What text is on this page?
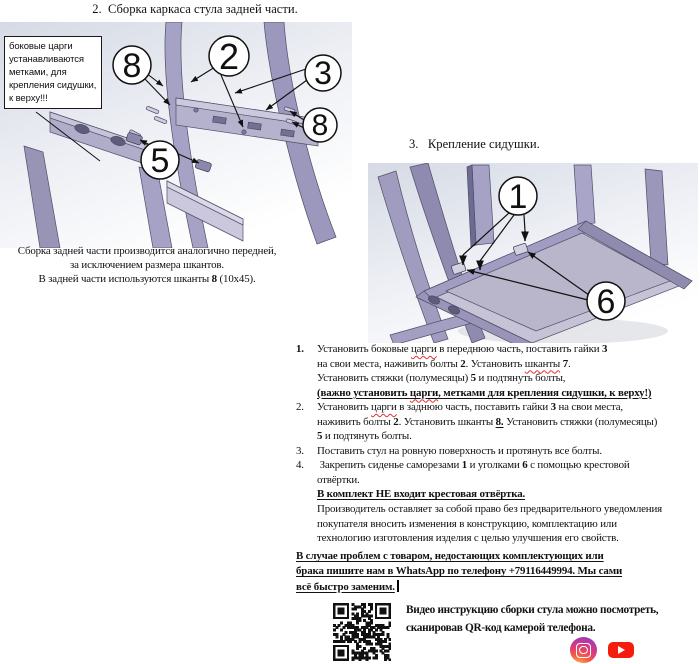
2.  Сборка каркаса стула задней части.
8 2 3
8
5
боковые царги устанавливаются метками, для крепления сидушки, к верху!!!
Сборка задней части производится аналогично передней,
за исключением размера шкантов.
В задней части используются шканты 8 (10x45).
3.   Крепление сидушки.
1
6
1.	Установить боковые царги в переднюю часть, поставить гайки 3
на свои места, наживить болты 2. Установить шканты 7.
Установить стяжки (полумесяцы) 5 и подтянуть болты,
(важно установить царги, метками для крепления сидушки, к верху!)
2.	Установить царги в заднюю часть, поставить гайки 3 на свои места,
наживить болты 2. Установить шканты 8. Установить стяжки (полумесяцы)
5 и подтянуть болты.
3.	Поставить стул на ровную поверхность и протянуть все болты.
4.	Закрепить сиденье саморезами 1 и уголками 6 с помощью крестовой
отвёртки.
В комплект НЕ входит крестовая отвёртка.
Производитель оставляет за собой право без предварительного уведомления
покупателя вносить изменения в конструкцию, комплектацию или
технологию изготовления изделия с целью улучшения его свойств.
В случае проблем с товаром, недостающих комплектующих или
брака пишите нам в WhatsApp по телефону +79116449994. Мы сами
всё быстро заменим.
Видео инструкцию сборки стула можно посмотреть,
сканировав QR-код камерой телефона.
